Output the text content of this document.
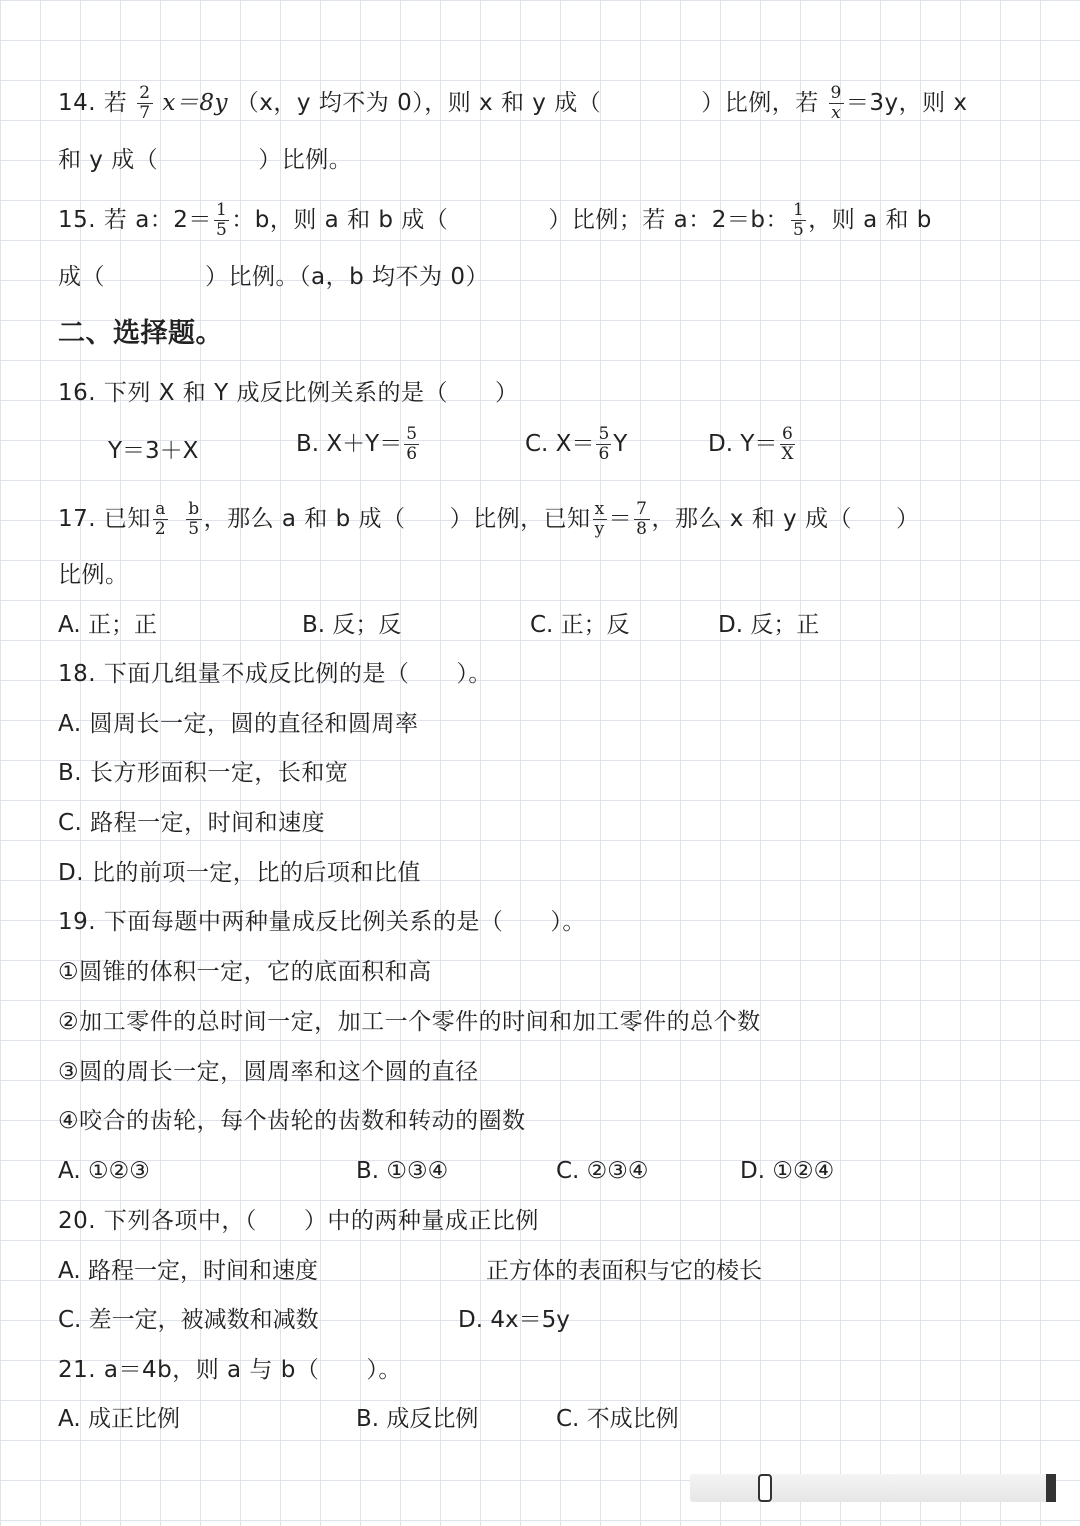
14. 若 $\frac{2}{7} x=8y$ （x，y 均不为 0），则 x 和 y 成（	）比例，若 $\frac{9}{x} =3y$，则 x
和 y 成（	）比例。
15. 若 a：$2= \frac{1}{5}$ ：b，则 a 和 b 成（	）比例；若 a：2＝b： $\frac{1}{5}$ ，则 a 和 b
成（	）比例。（a，b 均不为 0）
二、选择题。
16. 下列 X 和 Y 成反比例关系的是（　　）
Y＝3＋X	B. $X+Y= \frac{5}{6}$	C. $X= \frac{5}{6}$ Y	D. $Y= \frac{6}{X}$
17. 已知 $\frac{a}{2} \frac{b}{5}$ ，那么 a 和 b 成（ ）比例，已知 $\frac{x}{y} = \frac{7}{8}$ ，那么 x 和 y 成（ ）
比例。
A. 正；正	B. 反；反	C. 正；反	D. 反；正
18. 下面几组量不成反比例的是（　　）。
A. 圆周长一定，圆的直径和圆周率
B. 长方形面积一定，长和宽
C. 路程一定，时间和速度
D. 比的前项一定，比的后项和比值
19. 下面每题中两种量成反比例关系的是（　　）。
①圆锥的体积一定，它的底面积和高
②加工零件的总时间一定，加工一个零件的时间和加工零件的总个数
③圆的周长一定，圆周率和这个圆的直径
④咬合的齿轮，每个齿轮的齿数和转动的圈数
A. ①②③	B. ①③④	C. ②③④	D. ①②④
20. 下列各项中，（　　）中的两种量成正比例
A. 路程一定，时间和速度	正方体的表面积与它的棱长
C. 差一定，被减数和减数	D. 4x＝5y
21. a＝4b，则 a 与 b（　　）。
A. 成正比例	B. 成反比例	C. 不成比例
